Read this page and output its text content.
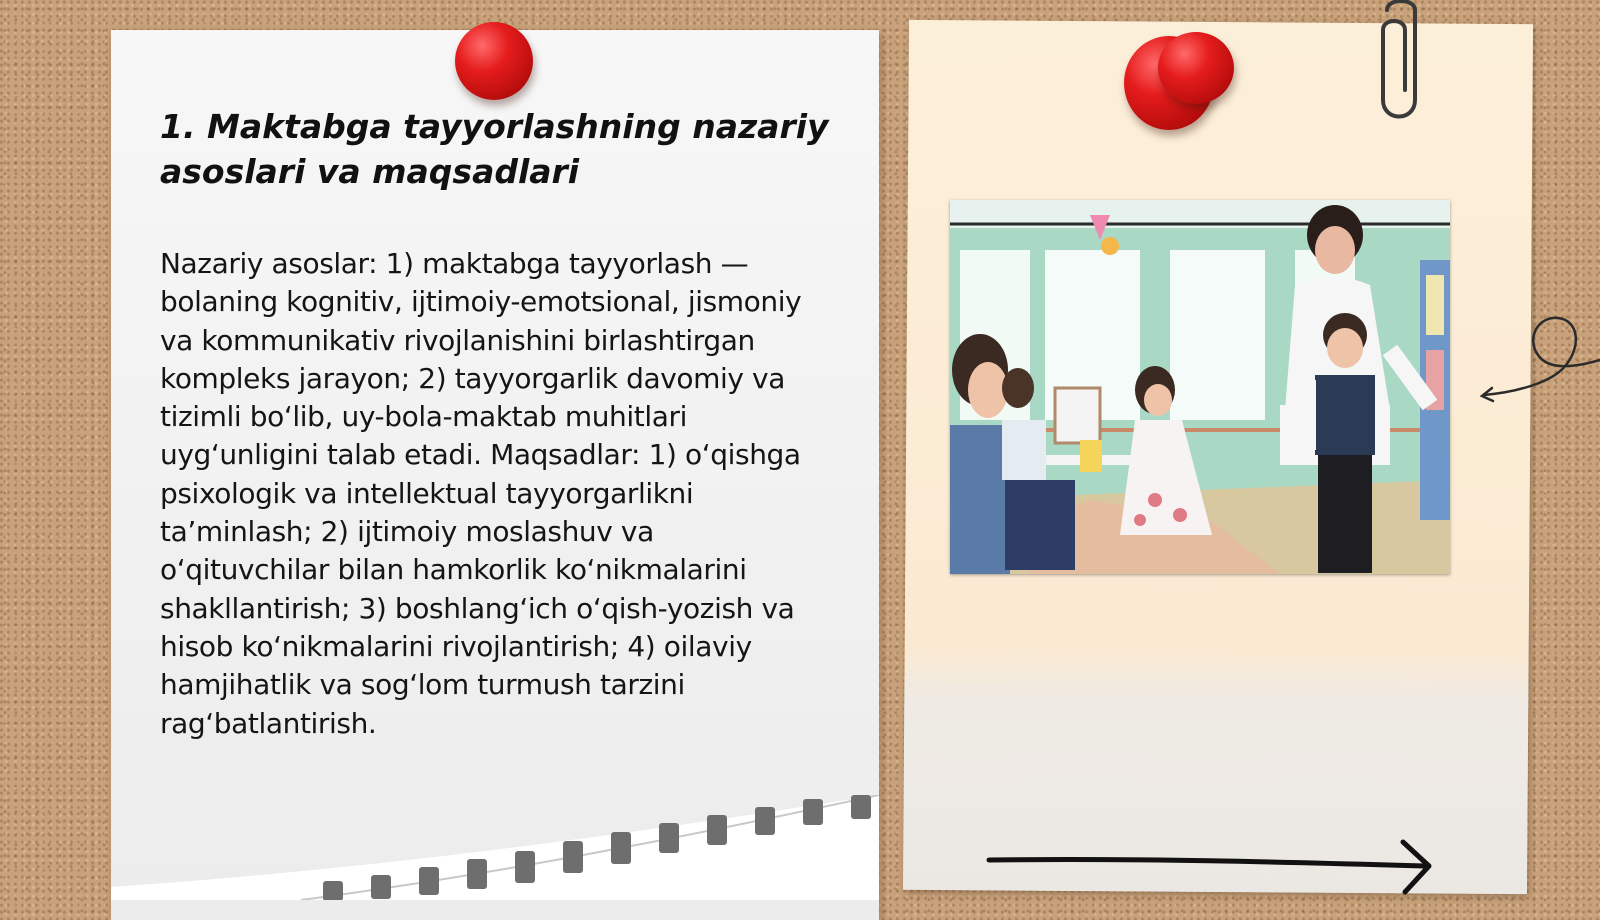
1. Maktabga tayyorlashning nazariy asoslari va maqsadlari

Nazariy asoslar: 1) maktabga tayyorlash — bolaning kognitiv, ijtimoiy-emotsional, jismoniy va kommunikativ rivojlanishini birlashtirgan kompleks jarayon; 2) tayyorgarlik davomiy va tizimli bo‘lib, uy-bola-maktab muhitlari uyg‘unligini talab etadi. Maqsadlar: 1) o‘qishga psixologik va intellektual tayyorgarlikni ta’minlash; 2) ijtimoiy moslashuv va o‘qituvchilar bilan hamkorlik ko‘nikmalarini shakllantirish; 3) boshlang‘ich o‘qish-yozish va hisob ko‘nikmalarini rivojlantirish; 4) oilaviy hamjihatlik va sog‘lom turmush tarzini rag‘batlantirish.
